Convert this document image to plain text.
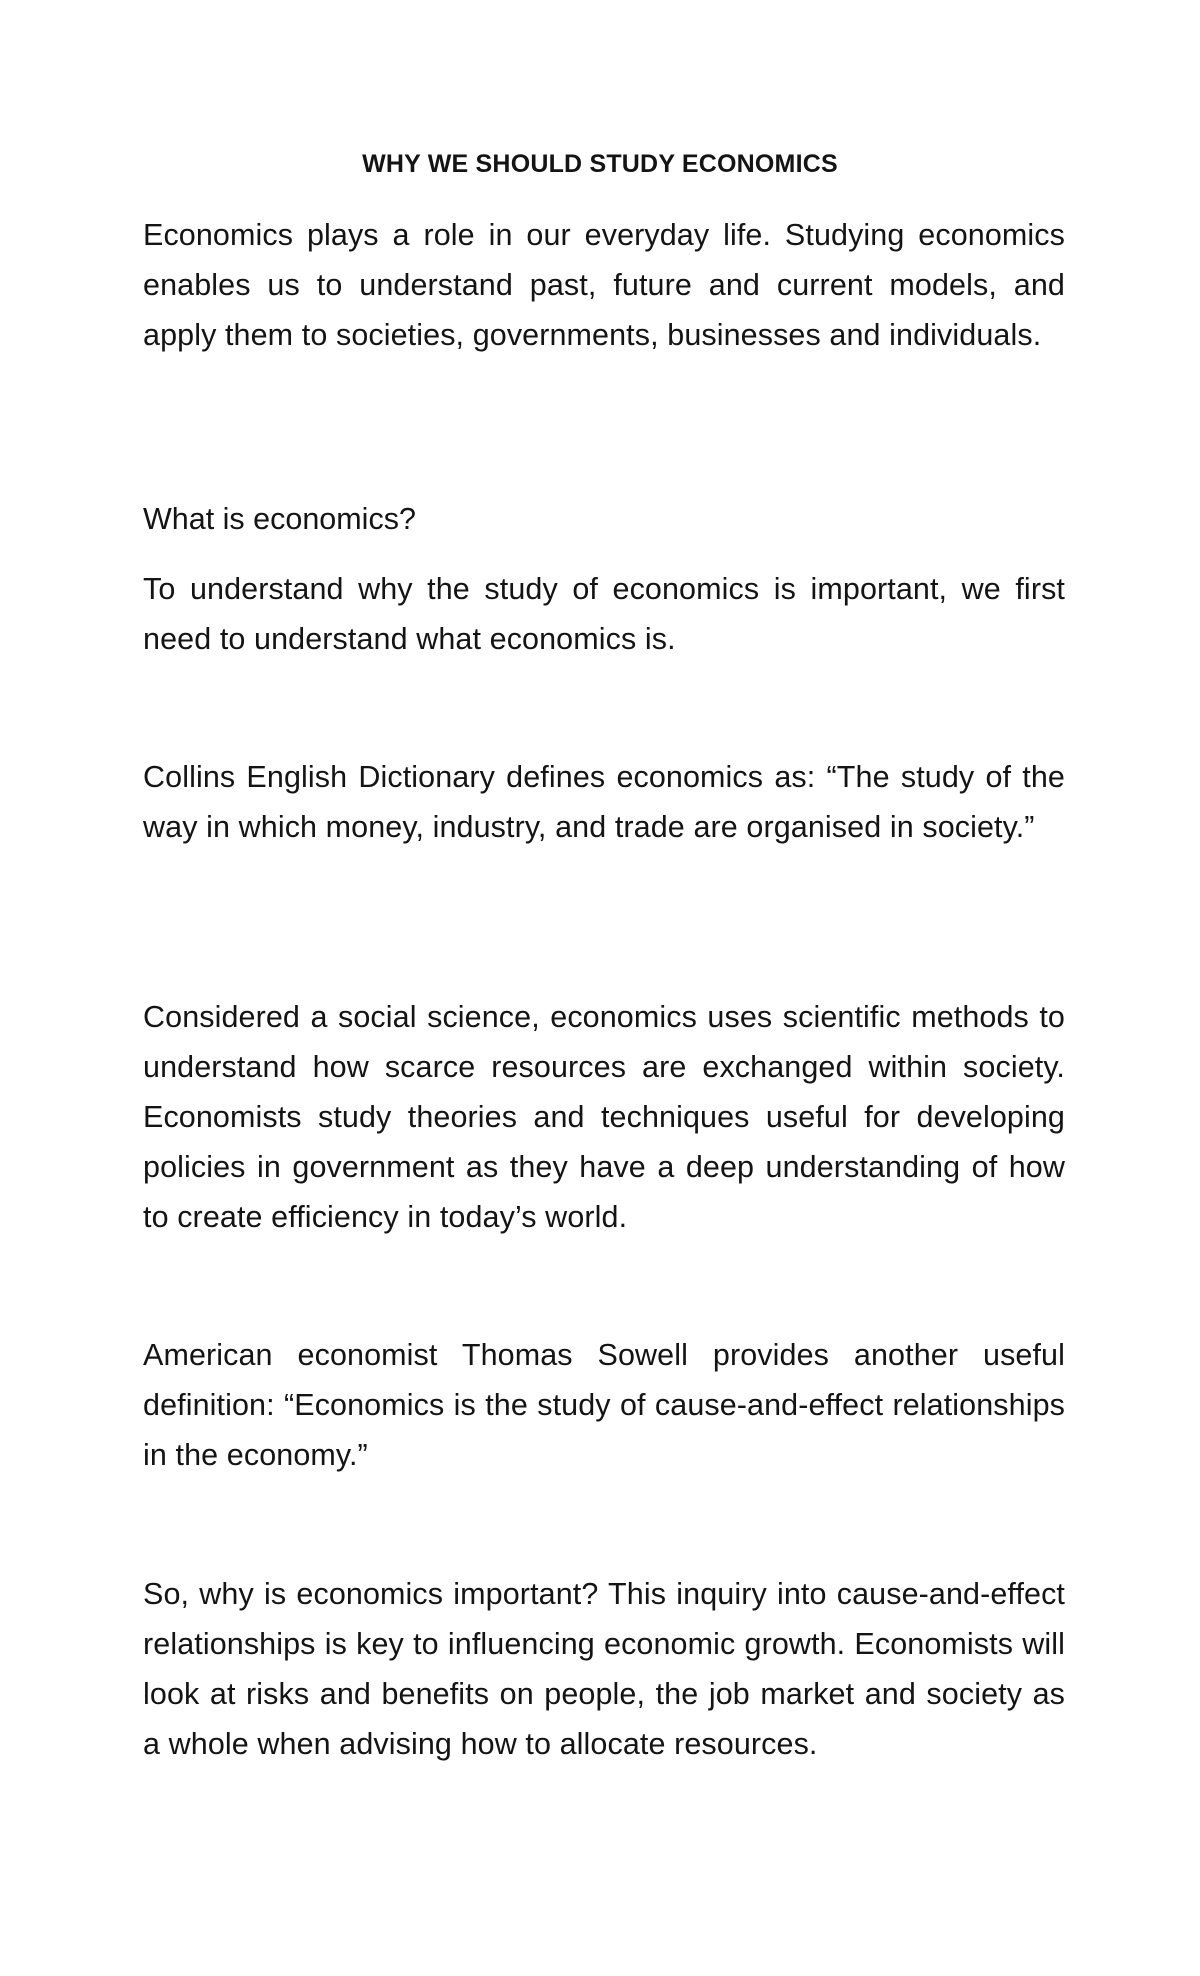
WHY WE SHOULD STUDY ECONOMICS

Economics plays a role in our everyday life. Studying economics enables us to understand past, future and current models, and apply them to societies, governments, businesses and individuals.

What is economics?

To understand why the study of economics is important, we first need to understand what economics is.

Collins English Dictionary defines economics as: “The study of the way in which money, industry, and trade are organised in society.”

Considered a social science, economics uses scientific methods to understand how scarce resources are exchanged within society. Economists study theories and techniques useful for developing policies in government as they have a deep understanding of how to create efficiency in today’s world.

American economist Thomas Sowell provides another useful definition: “Economics is the study of cause-and-effect relationships in the economy.”

So, why is economics important? This inquiry into cause-and-effect relationships is key to influencing economic growth. Economists will look at risks and benefits on people, the job market and society as a whole when advising how to allocate resources.
